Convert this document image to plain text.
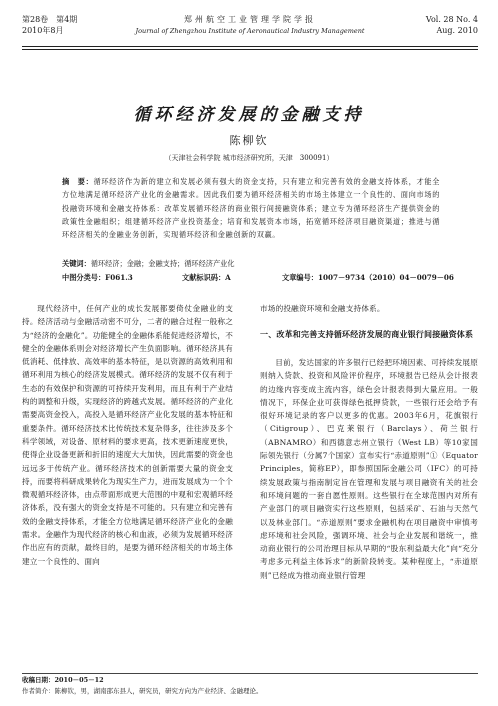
第28卷　第4期
2010年8月
郑州航空工业管理学院学报
Journal of Zhengzhou Institute of Aeronautical Industry Management
Vol. 28 No. 4
Aug. 2010
循环经济发展的金融支持
陈柳钦
（天津社会科学院 城市经济研究所，天津　300091）
摘　要：循环经济作为新的建立和发展必须有强大的资金支持，只有建立和完善有效的金融支持体系，才能全方位地满足循环经济产业化的金融需求。因此我们要为循环经济相关的市场主体建立一个良性的、面向市场的投融资环境和金融支持体系：改革发展循环经济的商业银行间接融资体系；建立专为循环经济生产提供资金的政策性金融组织；组建循环经济产业投资基金；培育和发展资本市场，拓宽循环经济项目融资渠道；推进与循环经济相关的金融业务创新，实现循环经济和金融创新的双赢。
关键词：循环经济；金融；金融支持；循环经济产业化
中图分类号：F061.3	文献标识码：A	文章编号：1007－9734（2010）04－0079－06
现代经济中，任何产业的成长发展都要倚仗金融业的支持。经济活动与金融活动密不可分，二者的融合过程一般称之为“经济的金融化”。功能健全的金融体系能促进经济增长，不健全的金融体系则会对经济增长产生负面影响。循环经济具有低消耗、低排放、高效率的基本特征，是以资源的高效利用和循环利用为核心的经济发展模式。循环经济的发展不仅有利于生态的有效保护和资源的可持续开发利用，而且有利于产业结构的调整和升级，实现经济的跨越式发展。循环经济的产业化需要高资金投入，高投入是循环经济产业化发展的基本特征和重要条件。循环经济技术比传统技术复杂得多，往往涉及多个科学领域，对设备、原材料的要求更高，技术更新速度更快，使得企业设备更新和折旧的速度大大加快，因此需要的资金也远远多于传统产业。循环经济技术的创新需要大量的资金支持，而要将科研成果转化为现实生产力，进而发展成为一个个微观循环经济体，由点带面形成更大范围的中观和宏观循环经济体系，没有强大的资金支持是不可能的。只有建立和完善有效的金融支持体系，才能全方位地满足循环经济产业化的金融需求。金融作为现代经济的核心和血液，必须为发展循环经济作出应有的贡献，最终目的，是要为循环经济相关的市场主体建立一个良性的、面向
市场的投融资环境和金融支持体系。
一、改革和完善支持循环经济发展的商业银行间接融资体系
目前，发达国家的许多银行已经把环境因素、可持续发展原则纳入贷款、投资和风险评价程序，环境报告已经从会计报表的边缘内容变成主流内容，绿色会计报表得到大量应用。一般情况下，环保企业可获得绿色抵押贷款，一些银行还会给予有很好环境记录的客户以更多的优惠。2003年6月，花旗银行（Citigroup）、巴克莱银行（Barclays）、荷兰银行（ABNAMRO）和西德意志州立银行（West LB）等10家国际领先银行（分属7个国家）宣布实行“赤道原则”①（Equator Principles，简称EP），即参照国际金融公司（IFC）的可持续发展政策与指南制定旨在管理和发展与项目融资有关的社会和环境问题的一套自愿性原则。这些银行在全球范围内对所有产业部门的项目融资实行这些原则，包括采矿、石油与天然气以及林业部门。“赤道原则”要求金融机构在项目融资中审慎考虑环境和社会风险，强调环境、社会与企业发展和谐统一，推动商业银行的公司治理目标从早期的“股东利益最大化”向“充分考虑多元利益主体诉求”的新阶段转变。某种程度上，“赤道原则”已经成为推动商业银行管理
收稿日期：2010－05－12
作者简介：陈柳钦，男，湖南邵东县人，研究员，研究方向为产业经济、金融理论。
